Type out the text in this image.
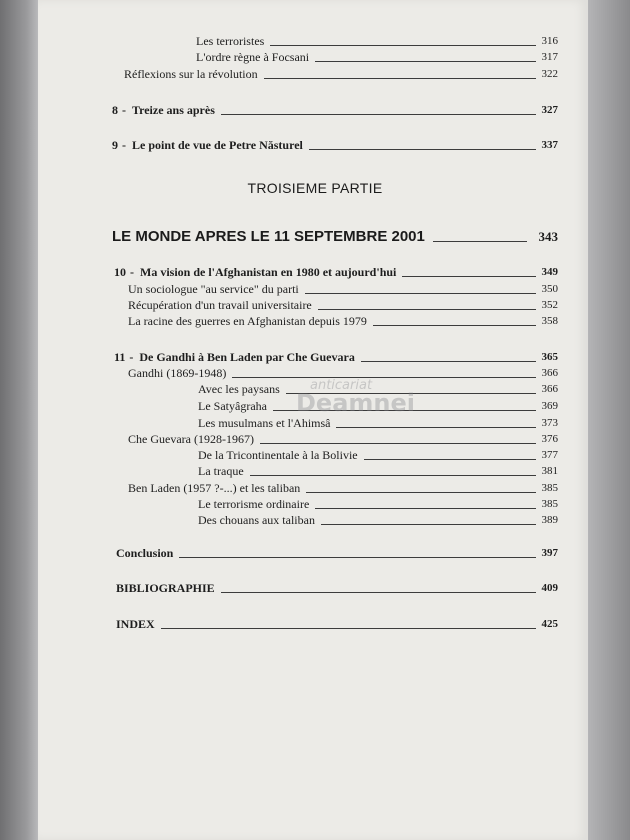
Les terroristes	316
L'ordre règne à Focsani	317
Réflexions sur la révolution	322
8 - Treize ans après	327
9 - Le point de vue de Petre Năsturel	337
TROISIEME PARTIE
LE MONDE APRES LE 11 SEPTEMBRE 2001	343
10 - Ma vision de l'Afghanistan en 1980 et aujourd'hui	349
Un sociologue "au service" du parti	350
Récupération d'un travail universitaire	352
La racine des guerres en Afghanistan depuis 1979	358
11 - De Gandhi à Ben Laden par Che Guevara	365
Gandhi (1869-1948)	366
Avec les paysans	366
Le Satyâgraha	369
Les musulmans et l'Ahimsâ	373
Che Guevara (1928-1967)	376
De la Tricontinentale à la Bolivie	377
La traque	381
Ben Laden (1957 ?-...) et les taliban	385
Le terrorisme ordinaire	385
Des chouans aux taliban	389
Conclusion	397
BIBLIOGRAPHIE	409
INDEX	425
anticariat
Deamnei
